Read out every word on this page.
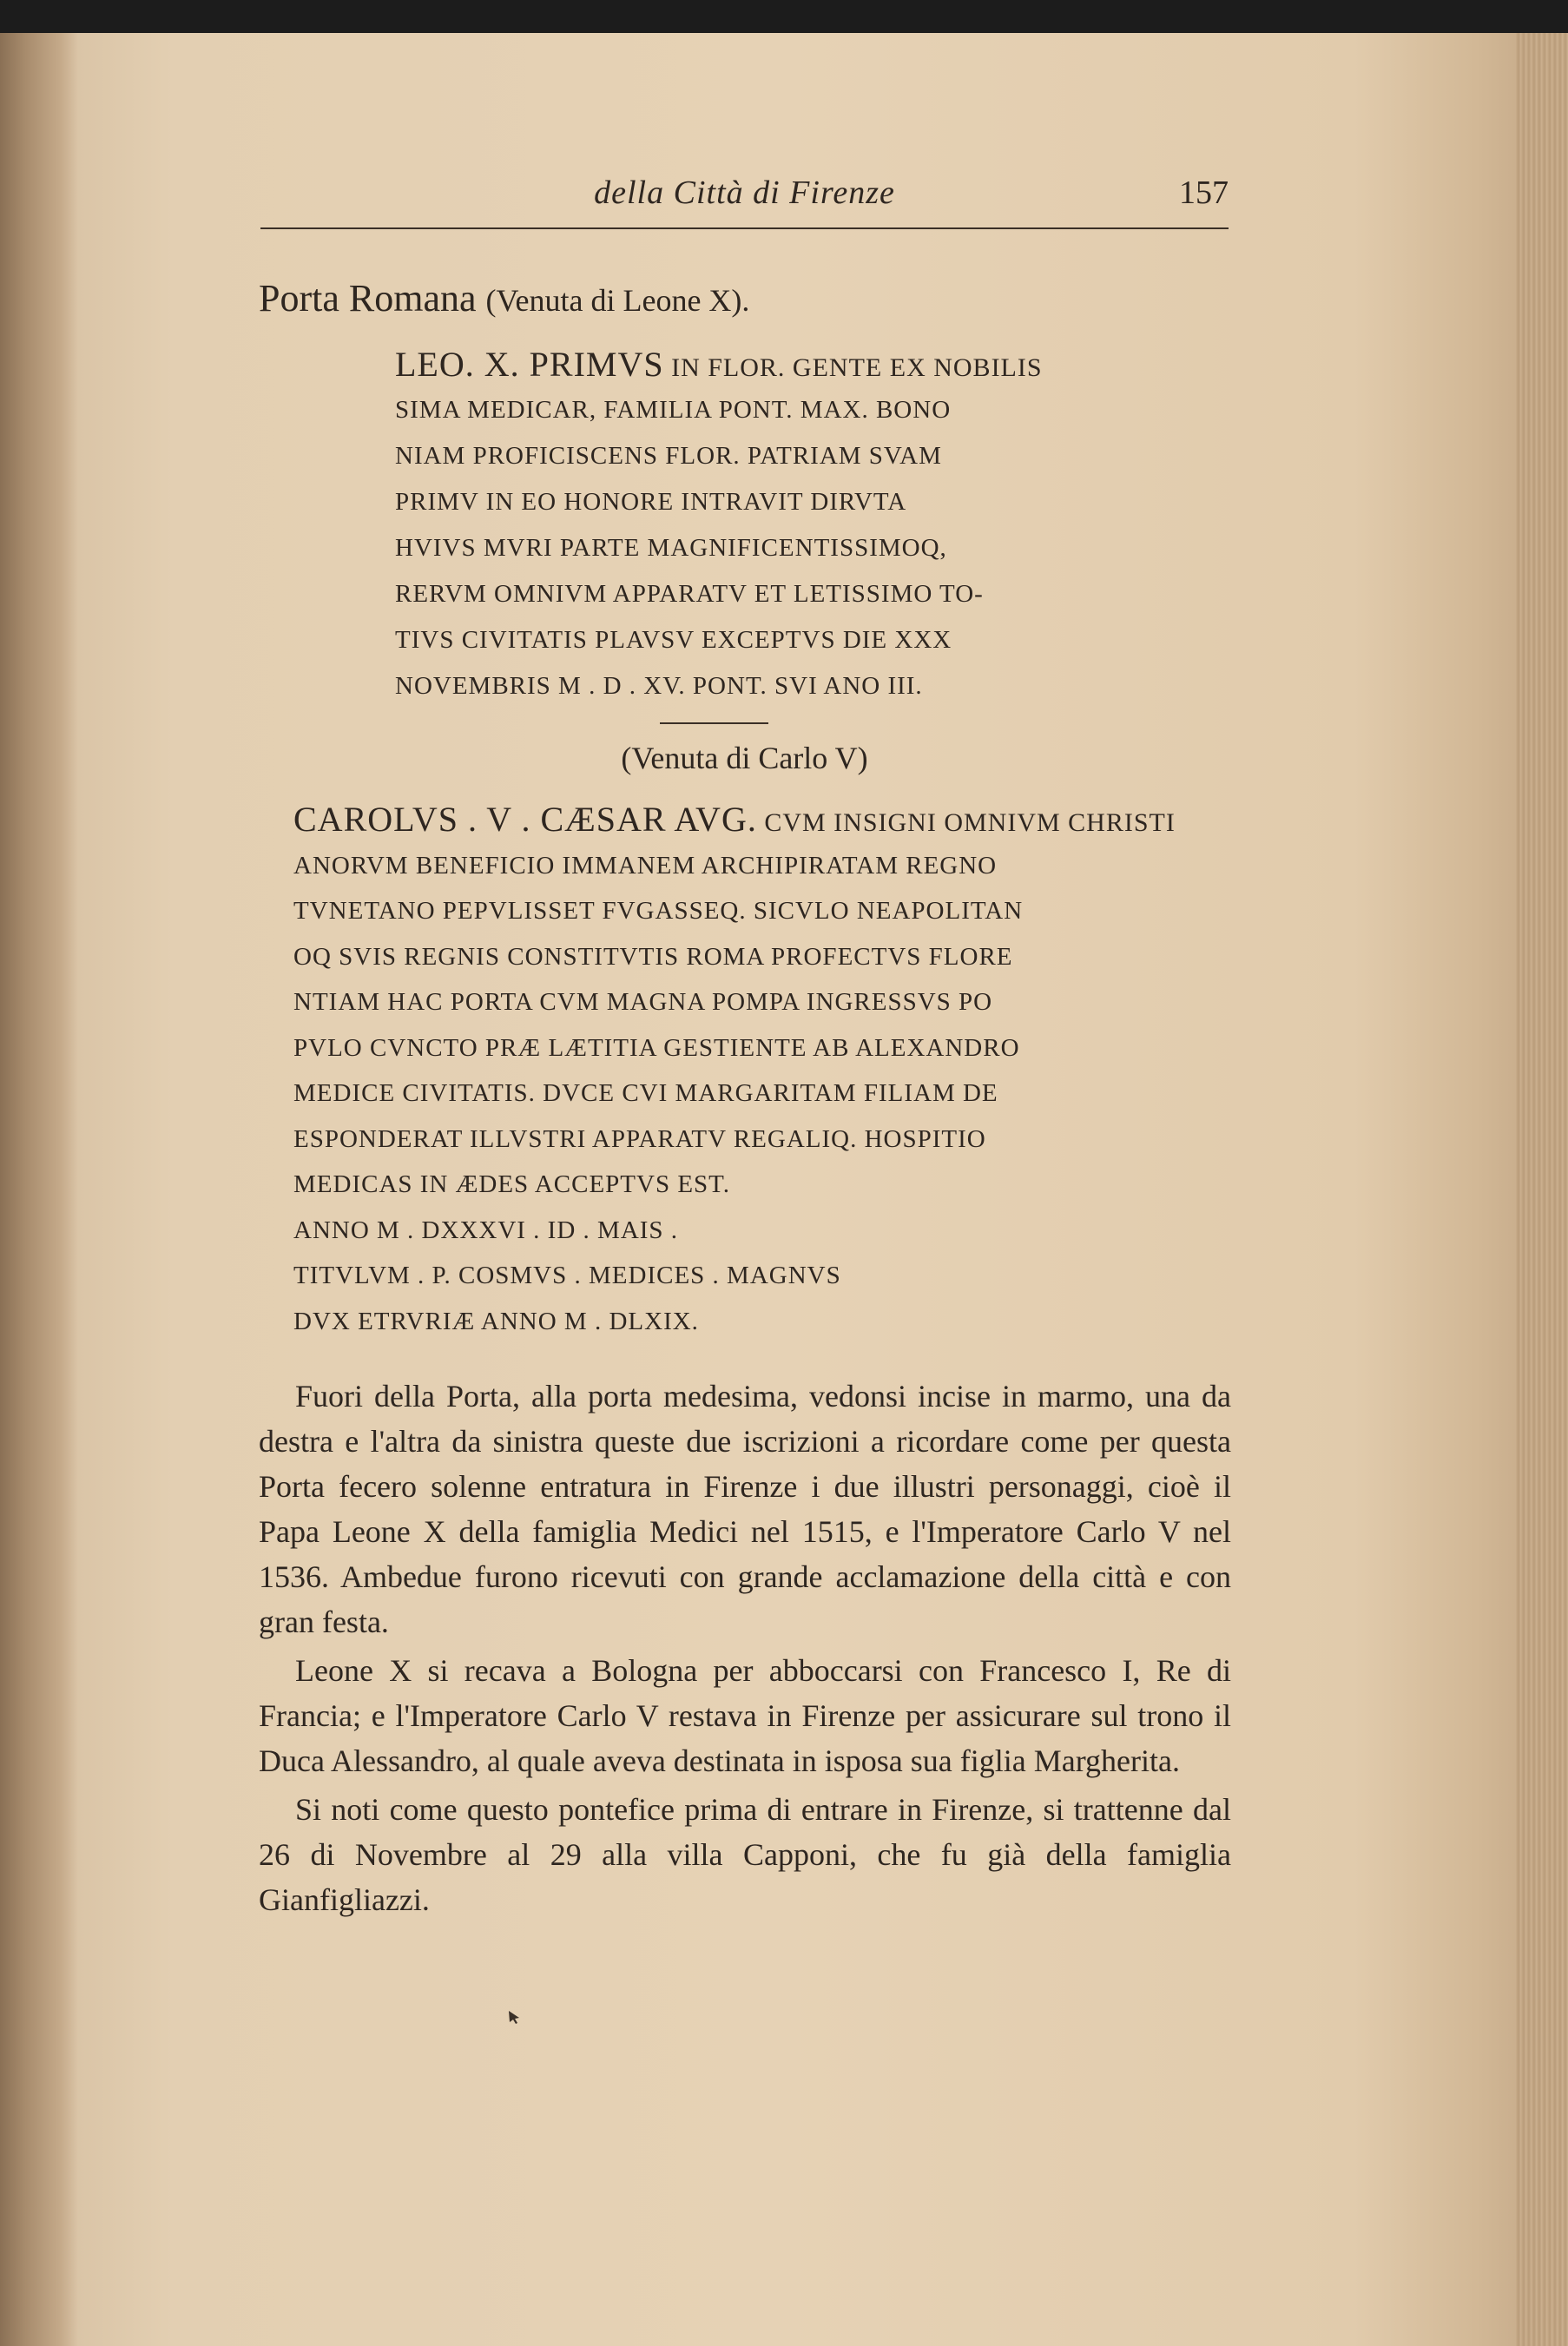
della Città di Firenze	157
Porta Romana (Venuta di Leone X).
LEO. X. PRIMVS IN FLOR. GENTE EX NOBILIS
SIMA MEDICAR, FAMILIA PONT. MAX. BONO
NIAM PROFICISCENS FLOR. PATRIAM SVAM
PRIMV IN EO HONORE INTRAVIT DIRVTA
HVIVS MVRI PARTE MAGNIFICENTISSIMOQ,
RERVM OMNIVM APPARATV ET LETISSIMO TO-
TIVS CIVITATIS PLAVSV EXCEPTVS DIE XXX
NOVEMBRIS M . D . XV. PONT. SVI ANO III.
(Venuta di Carlo V)
CAROLVS . V . CÆSAR AVG. CVM INSIGNI OMNIVM CHRISTI
ANORVM BENEFICIO IMMANEM ARCHIPIRATAM REGNO
TVNETANO PEPVLISSET FVGASSEQ. SICVLO NEAPOLITAN
OQ SVIS REGNIS CONSTITVTIS ROMA PROFECTVS FLORE
NTIAM HAC PORTA CVM MAGNA POMPA INGRESSVS PO
PVLO CVNCTO PRÆ LÆTITIA GESTIENTE AB ALEXANDRO
MEDICE CIVITATIS. DVCE CVI MARGARITAM FILIAM DE
ESPONDERAT ILLVSTRI APPARATV REGALIQ. HOSPITIO
MEDICAS IN ÆDES ACCEPTVS EST.
ANNO M . DXXXVI . ID . MAIS .
TITVLVM . P. COSMVS . MEDICES . MAGNVS
DVX ETRVRIÆ ANNO M . DLXIX.

Fuori della Porta, alla porta medesima, vedonsi incise in marmo, una da destra e l'altra da sinistra queste due iscrizioni a ricordare come per questa Porta fecero solenne entratura in Firenze i due illustri personaggi, cioè il Papa Leone X della famiglia Medici nel 1515, e l'Imperatore Carlo V nel 1536. Ambedue furono ricevuti con grande acclamazione della città e con gran festa.

Leone X si recava a Bologna per abboccarsi con Francesco I, Re di Francia; e l'Imperatore Carlo V restava in Firenze per assicurare sul trono il Duca Alessandro, al quale aveva destinata in isposa sua figlia Margherita.

Si noti come questo pontefice prima di entrare in Firenze, si trattenne dal 26 di Novembre al 29 alla villa Capponi, che fu già della famiglia Gianfigliazzi.
